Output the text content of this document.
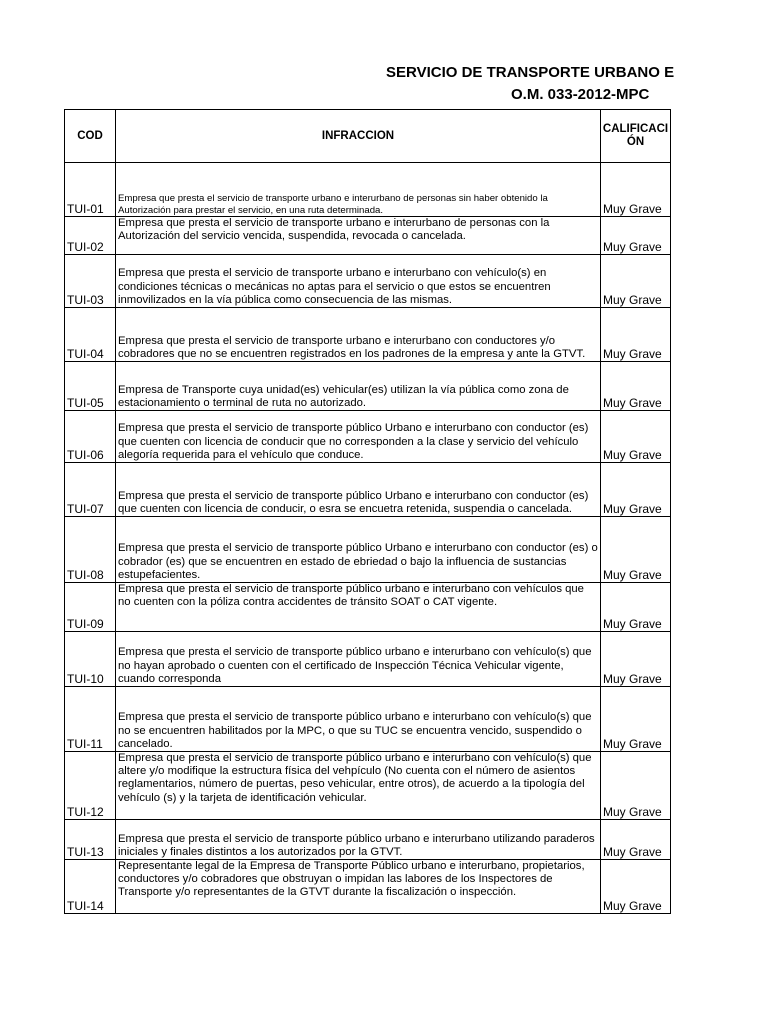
SERVICIO DE TRANSPORTE URBANO E
O.M. 033-2012-MPC
COD	INFRACCION	CALIFICACIÓN
TUI-01	Empresa que presta el servicio de transporte urbano e interurbano de personas sin haber obtenido la Autorización para prestar el servicio, en una ruta determinada.	Muy Grave
TUI-02	Empresa que presta el servicio de transporte urbano e interurbano de personas con la Autorización del servicio vencida, suspendida, revocada o cancelada.	Muy Grave
TUI-03	Empresa que presta el servicio de transporte urbano e interurbano con vehículo(s) en condiciones técnicas o mecánicas no aptas para el servicio o que estos se encuentren inmovilizados en la vía pública como consecuencia de las mismas.	Muy Grave
TUI-04	Empresa que presta el servicio de transporte urbano e interurbano con conductores y/o cobradores que no se encuentren registrados en los padrones de la empresa y ante la GTVT.	Muy Grave
TUI-05	Empresa de Transporte cuya unidad(es) vehicular(es) utilizan la vía pública como zona de estacionamiento o terminal de ruta no autorizado.	Muy Grave
TUI-06	Empresa que presta el servicio de transporte público Urbano e interurbano con conductor (es) que cuenten con licencia de conducir que no corresponden a la clase y servicio del vehículo alegoría requerida para el vehículo que conduce.	Muy Grave
TUI-07	Empresa que presta el servicio de transporte público Urbano e interurbano con conductor (es) que cuenten con licencia de conducir, o esra se encuetra retenida, suspendia o cancelada.	Muy Grave
TUI-08	Empresa que presta el servicio de transporte público Urbano e interurbano con conductor (es) o cobrador (es) que se encuentren en estado de ebriedad o bajo la influencia de sustancias estupefacientes.	Muy Grave
TUI-09	Empresa que presta el servicio de transporte público urbano e interurbano con vehículos que no cuenten con la póliza contra accidentes de tránsito SOAT o CAT vigente.	Muy Grave
TUI-10	Empresa que presta el servicio de transporte público urbano e interurbano con vehículo(s) que no hayan aprobado o cuenten con el certificado de Inspección Técnica Vehicular vigente, cuando corresponda	Muy Grave
TUI-11	Empresa que presta el servicio de transporte público urbano e interurbano con vehículo(s) que no se encuentren habilitados por la MPC, o que su TUC se encuentra vencido, suspendido o cancelado.	Muy Grave
TUI-12	Empresa que presta el servicio de transporte público urbano e interurbano con vehículo(s) que altere y/o modifique la estructura física del vehpículo (No cuenta con el número de asientos reglamentarios, número de puertas, peso vehicular, entre otros), de acuerdo a la tipología del vehículo (s) y la tarjeta de identificación vehicular.	Muy Grave
TUI-13	Empresa que presta el servicio de transporte público urbano e interurbano utilizando paraderos iniciales y finales distintos a los autorizados por la GTVT.	Muy Grave
TUI-14	Representante legal de la Empresa de Transporte Público urbano e interurbano, propietarios, conductores y/o cobradores que obstruyan o impidan las labores de los Inspectores de Transporte y/o representantes de la GTVT durante la fiscalización o inspección.	Muy Grave
